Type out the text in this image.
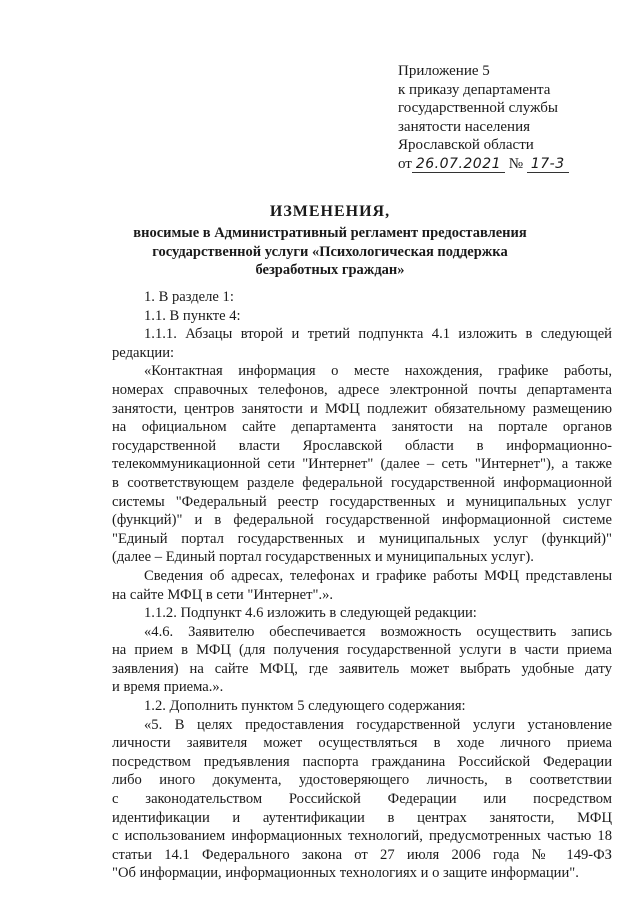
Приложение 5
к приказу департамента
государственной службы
занятости населения
Ярославской области
от 26.07.2021 № 17-3
ИЗМЕНЕНИЯ,
вносимые в Административный регламент предоставления
государственной услуги «Психологическая поддержка
безработных граждан»
1. В разделе 1:
1.1. В пункте 4:
1.1.1. Абзацы второй и третий подпункта 4.1 изложить в следующей
редакции:
«Контактная информация о месте нахождения, графике работы,
номерах справочных телефонов, адресе электронной почты департамента
занятости, центров занятости и МФЦ подлежит обязательному размещению
на официальном сайте департамента занятости на портале органов
государственной власти Ярославской области в информационно-
телекоммуникационной сети "Интернет" (далее – сеть "Интернет"), а также
в соответствующем разделе федеральной государственной информационной
системы "Федеральный реестр государственных и муниципальных услуг
(функций)" и в федеральной государственной информационной системе
"Единый портал государственных и муниципальных услуг (функций)"
(далее – Единый портал государственных и муниципальных услуг).
Сведения об адресах, телефонах и графике работы МФЦ представлены
на сайте МФЦ в сети "Интернет".».
1.1.2. Подпункт 4.6 изложить в следующей редакции:
«4.6. Заявителю обеспечивается возможность осуществить запись
на прием в МФЦ (для получения государственной услуги в части приема
заявления) на сайте МФЦ, где заявитель может выбрать удобные дату
и время приема.».
1.2. Дополнить пунктом 5 следующего содержания:
«5. В целях предоставления государственной услуги установление
личности заявителя может осуществляться в ходе личного приема
посредством предъявления паспорта гражданина Российской Федерации
либо иного документа, удостоверяющего личность, в соответствии
с законодательством Российской Федерации или посредством
идентификации и аутентификации в центрах занятости, МФЦ
с использованием информационных технологий, предусмотренных частью 18
статьи 14.1 Федерального закона от 27 июля 2006 года № 149-ФЗ
"Об информации, информационных технологиях и о защите информации".
